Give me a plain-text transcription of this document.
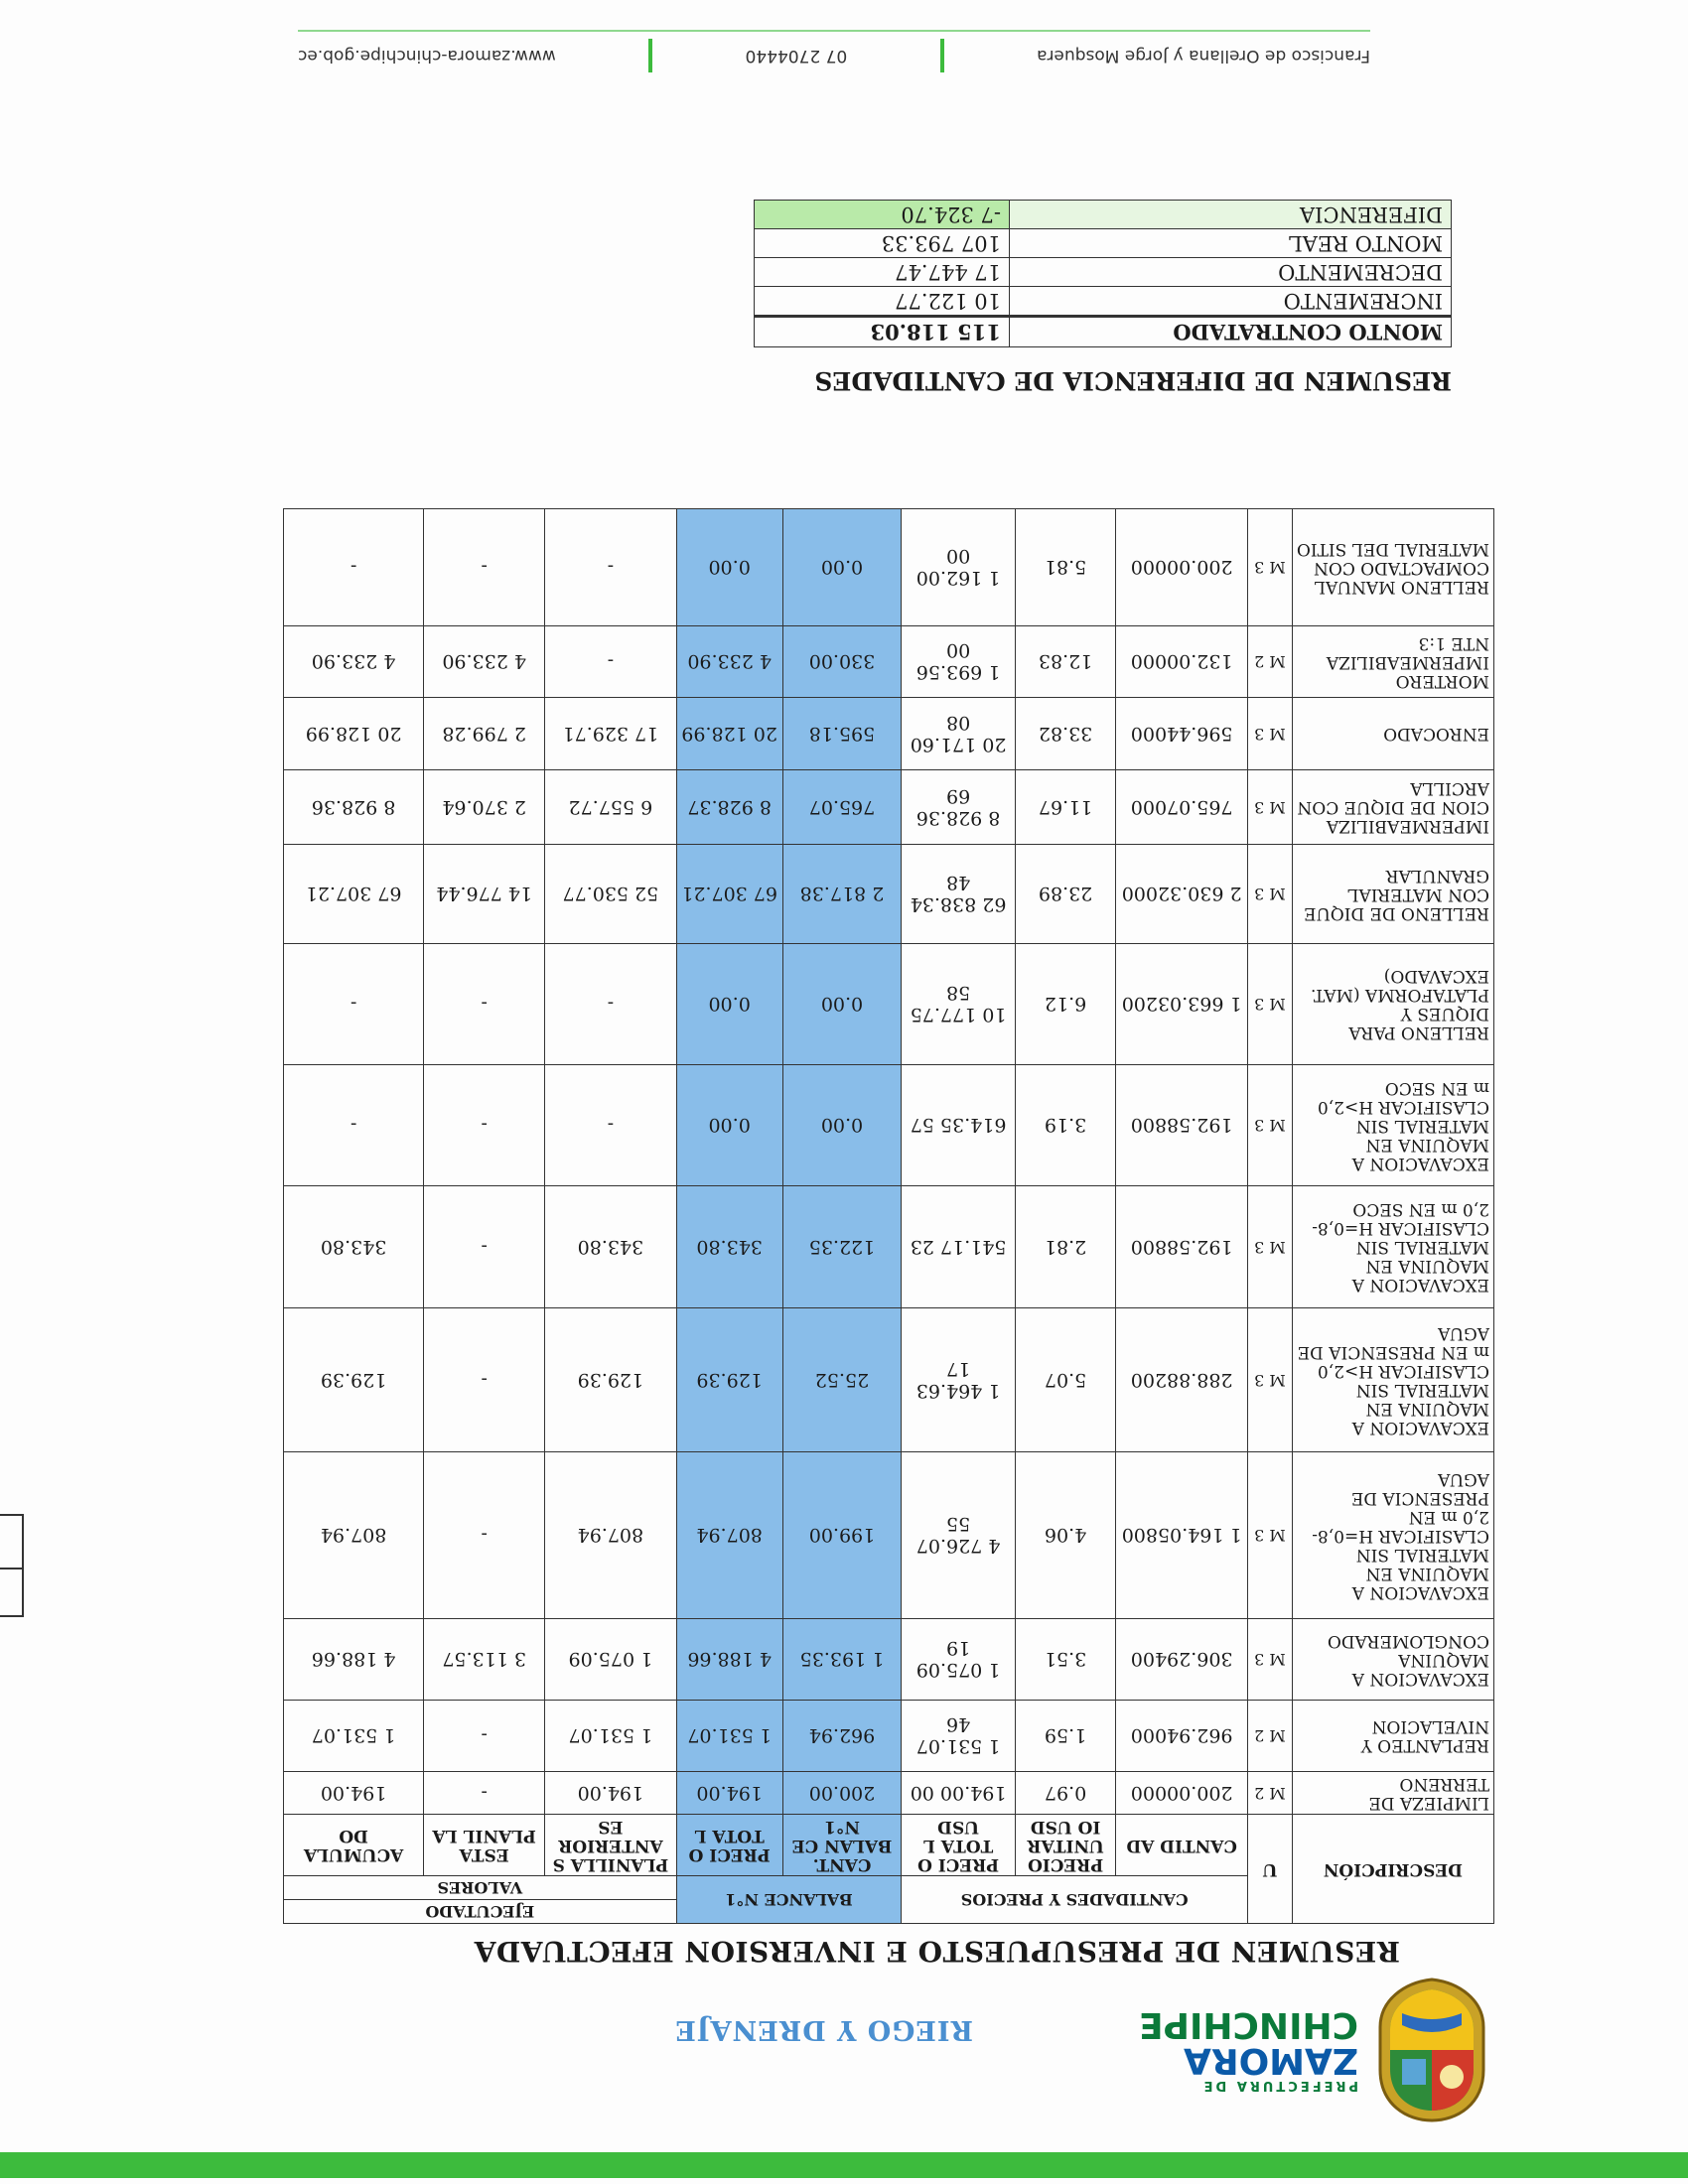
PREFECTURA DE
ZAMORA
CHINCHIPE
RIEGO Y DRENAJE
RESUMEN DE PRESUPUESTO E INVERSION EFECTUADA
DESCRIPCIÓN	U	CANTIDADES Y PRECIOS			BALANCE N°1		EJECUTADO		
							VALORES		
		CANTID AD	PRECIO UNITAR IO USD	PRECI O TOTA L USD	CANT. BALAN CE N°1	PRECI O TOTA L	PLANILLA S ANTERIOR ES	ESTA PLANIL LA	ACUMULA DO
LIMPIEZA DE TERRENO	M 2	200.00000	0.97	194.00 00	200.00	194.00	194.00	-	194.00
REPLANTEO Y NIVELACION	M 2	962.94000	1.59	1 531.07 46	962.94	1 531.07	1 531.07	-	1 531.07
EXCAVACION A MAQUINA CONGLOMERADO	M 3	306.29400	3.51	1 075.09 19	1 193.35	4 188.66	1 075.09	3 113.57	4 188.66
EXCAVACION A MAQUINA EN MATERIAL SIN CLASIFICAR H=0,8-2,0 m EN PRESENCIA DE AGUA	M 3	1 164.05800	4.06	4 726.07 55	199.00	807.94	807.94	-	807.94
EXCAVACION A MAQUINA EN MATERIAL SIN CLASIFICAR H>2,0 m EN PRESENCIA DE AGUA	M 3	288.88200	5.07	1 464.63 17	25.52	129.39	129.39	-	129.39
EXCAVACION A MAQUINA EN MATERIAL SIN CLASIFICAR H=0,8-2,0 m EN SECO	M 3	192.58800	2.81	541.17 23	122.35	343.80	343.80	-	343.80
EXCAVACION A MAQUINA EN MATERIAL SIN CLASIFICAR H>2,0 m EN SECO	M 3	192.58800	3.19	614.35 57	0.00	0.00	-	-	-
RELLENO PARA DIQUES Y PLATAFORMA (MAT. EXCAVADO)	M 3	1 663.03200	6.12	10 177.75 58	0.00	0.00	-	-	-
RELLENO DE DIQUE CON MATERIAL GRANULAR	M 3	2 630.32000	23.89	62 838.34 48	2 817.38	67 307.21	52 530.77	14 776.44	67 307.21
IMPERMEABILIZA CION DE DIQUE CON ARCILLA	M 3	765.07000	11.67	8 928.36 69	765.07	8 928.37	6 557.72	2 370.64	8 928.36
ENROCADO	M 3	596.44000	33.82	20 171.60 08	595.18	20 128.99	17 329.71	2 799.28	20 128.99
MORTERO IMPERMEABILIZA NTE 1:3	M 2	132.00000	12.83	1 693.56 00	330.00	4 233.90	-	4 233.90	4 233.90
RELLENO MANUAL COMPACTADO CON MATERIAL DEL SITIO	M 3	200.00000	5.81	1 162.00 00	0.00	0.00	-	-	-
RESUMEN DE DIFERENCIA DE CANTIDADES
MONTO CONTRATADO	115 118.03
INCREMENTO	10 122.77
DECREMENTO	17 447.47
MONTO REAL	107 793.33
DIFERENCIA	-7 324.70
Francisco de Orellana y Jorge Mosquera
07 2704440
www.zamora-chinchipe.gob.ec
